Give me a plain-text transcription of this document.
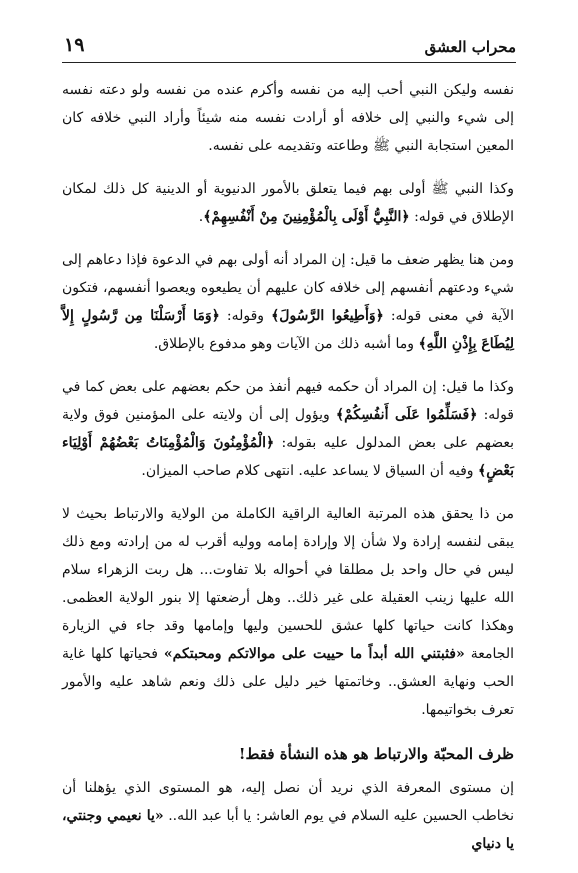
محراب العشق
١٩

نفسه وليكن النبي أحب إليه من نفسه وأكرم عنده من نفسه ولو دعته نفسه إلى شيء والنبي إلى خلافه أو أرادت نفسه منه شيئاً وأراد النبي خلافه كان المعين استجابة النبي ﷺ وطاعته وتقديمه على نفسه.

وكذا النبي ﷺ أولى بهم فيما يتعلق بالأمور الدنيوية أو الدينية كل ذلك لمكان الإطلاق في قوله: ﴿النَّبِيُّ أَوْلَى بِالْمُؤْمِنِينَ مِنْ أَنْفُسِهِمْ﴾.

ومن هنا يظهر ضعف ما قيل: إن المراد أنه أولى بهم في الدعوة فإذا دعاهم إلى شيء ودعتهم أنفسهم إلى خلافه كان عليهم أن يطيعوه ويعصوا أنفسهم، فتكون الآية في معنى قوله: ﴿وَأَطِيعُوا الرَّسُولَ﴾ وقوله: ﴿وَمَا أَرْسَلْنَا مِن رَّسُولٍ إِلاَّ لِيُطَاعَ بِإِذْنِ اللَّهِ﴾ وما أشبه ذلك من الآيات وهو مدفوع بالإطلاق.

وكذا ما قيل: إن المراد أن حكمه فيهم أنفذ من حكم بعضهم على بعض كما في قوله: ﴿فَسَلِّمُوا عَلَى أَنفُسِكُمْ﴾ ويؤول إلى أن ولايته على المؤمنين فوق ولاية بعضهم على بعض المدلول عليه بقوله: ﴿الْمُؤْمِنُونَ وَالْمُؤْمِنَاتُ بَعْضُهُمْ أَوْلِيَاء بَعْضٍ﴾ وفيه أن السياق لا يساعد عليه. انتهى كلام صاحب الميزان.

من ذا يحقق هذه المرتبة العالية الراقية الكاملة من الولاية والارتباط بحيث لا يبقى لنفسه إرادة ولا شأن إلا وإرادة إمامه ووليه أقرب له من إرادته ومع ذلك ليس في حال واحد بل مطلقا في أحواله بلا تفاوت... هل ربت الزهراء سلام الله عليها زينب العقيلة على غير ذلك.. وهل أرضعتها إلا بنور الولاية العظمى. وهكذا كانت حياتها كلها عشق للحسين وليها وإمامها وقد جاء في الزيارة الجامعة «فثبتني الله أبداً ما حييت على موالاتكم ومحبتكم» فحياتها كلها غاية الحب ونهاية العشق.. وخاتمتها خير دليل على ذلك ونعم شاهد عليه والأمور تعرف بخواتيمها.

ظرف المحبّة والارتباط هو هذه النشأة فقط!

إن مستوى المعرفة الذي نريد أن نصل إليه، هو المستوى الذي يؤهلنا أن نخاطب الحسين عليه السلام في يوم العاشر: يا أبا عبد الله.. «يا نعيمي وجنتي، يا دنياي
